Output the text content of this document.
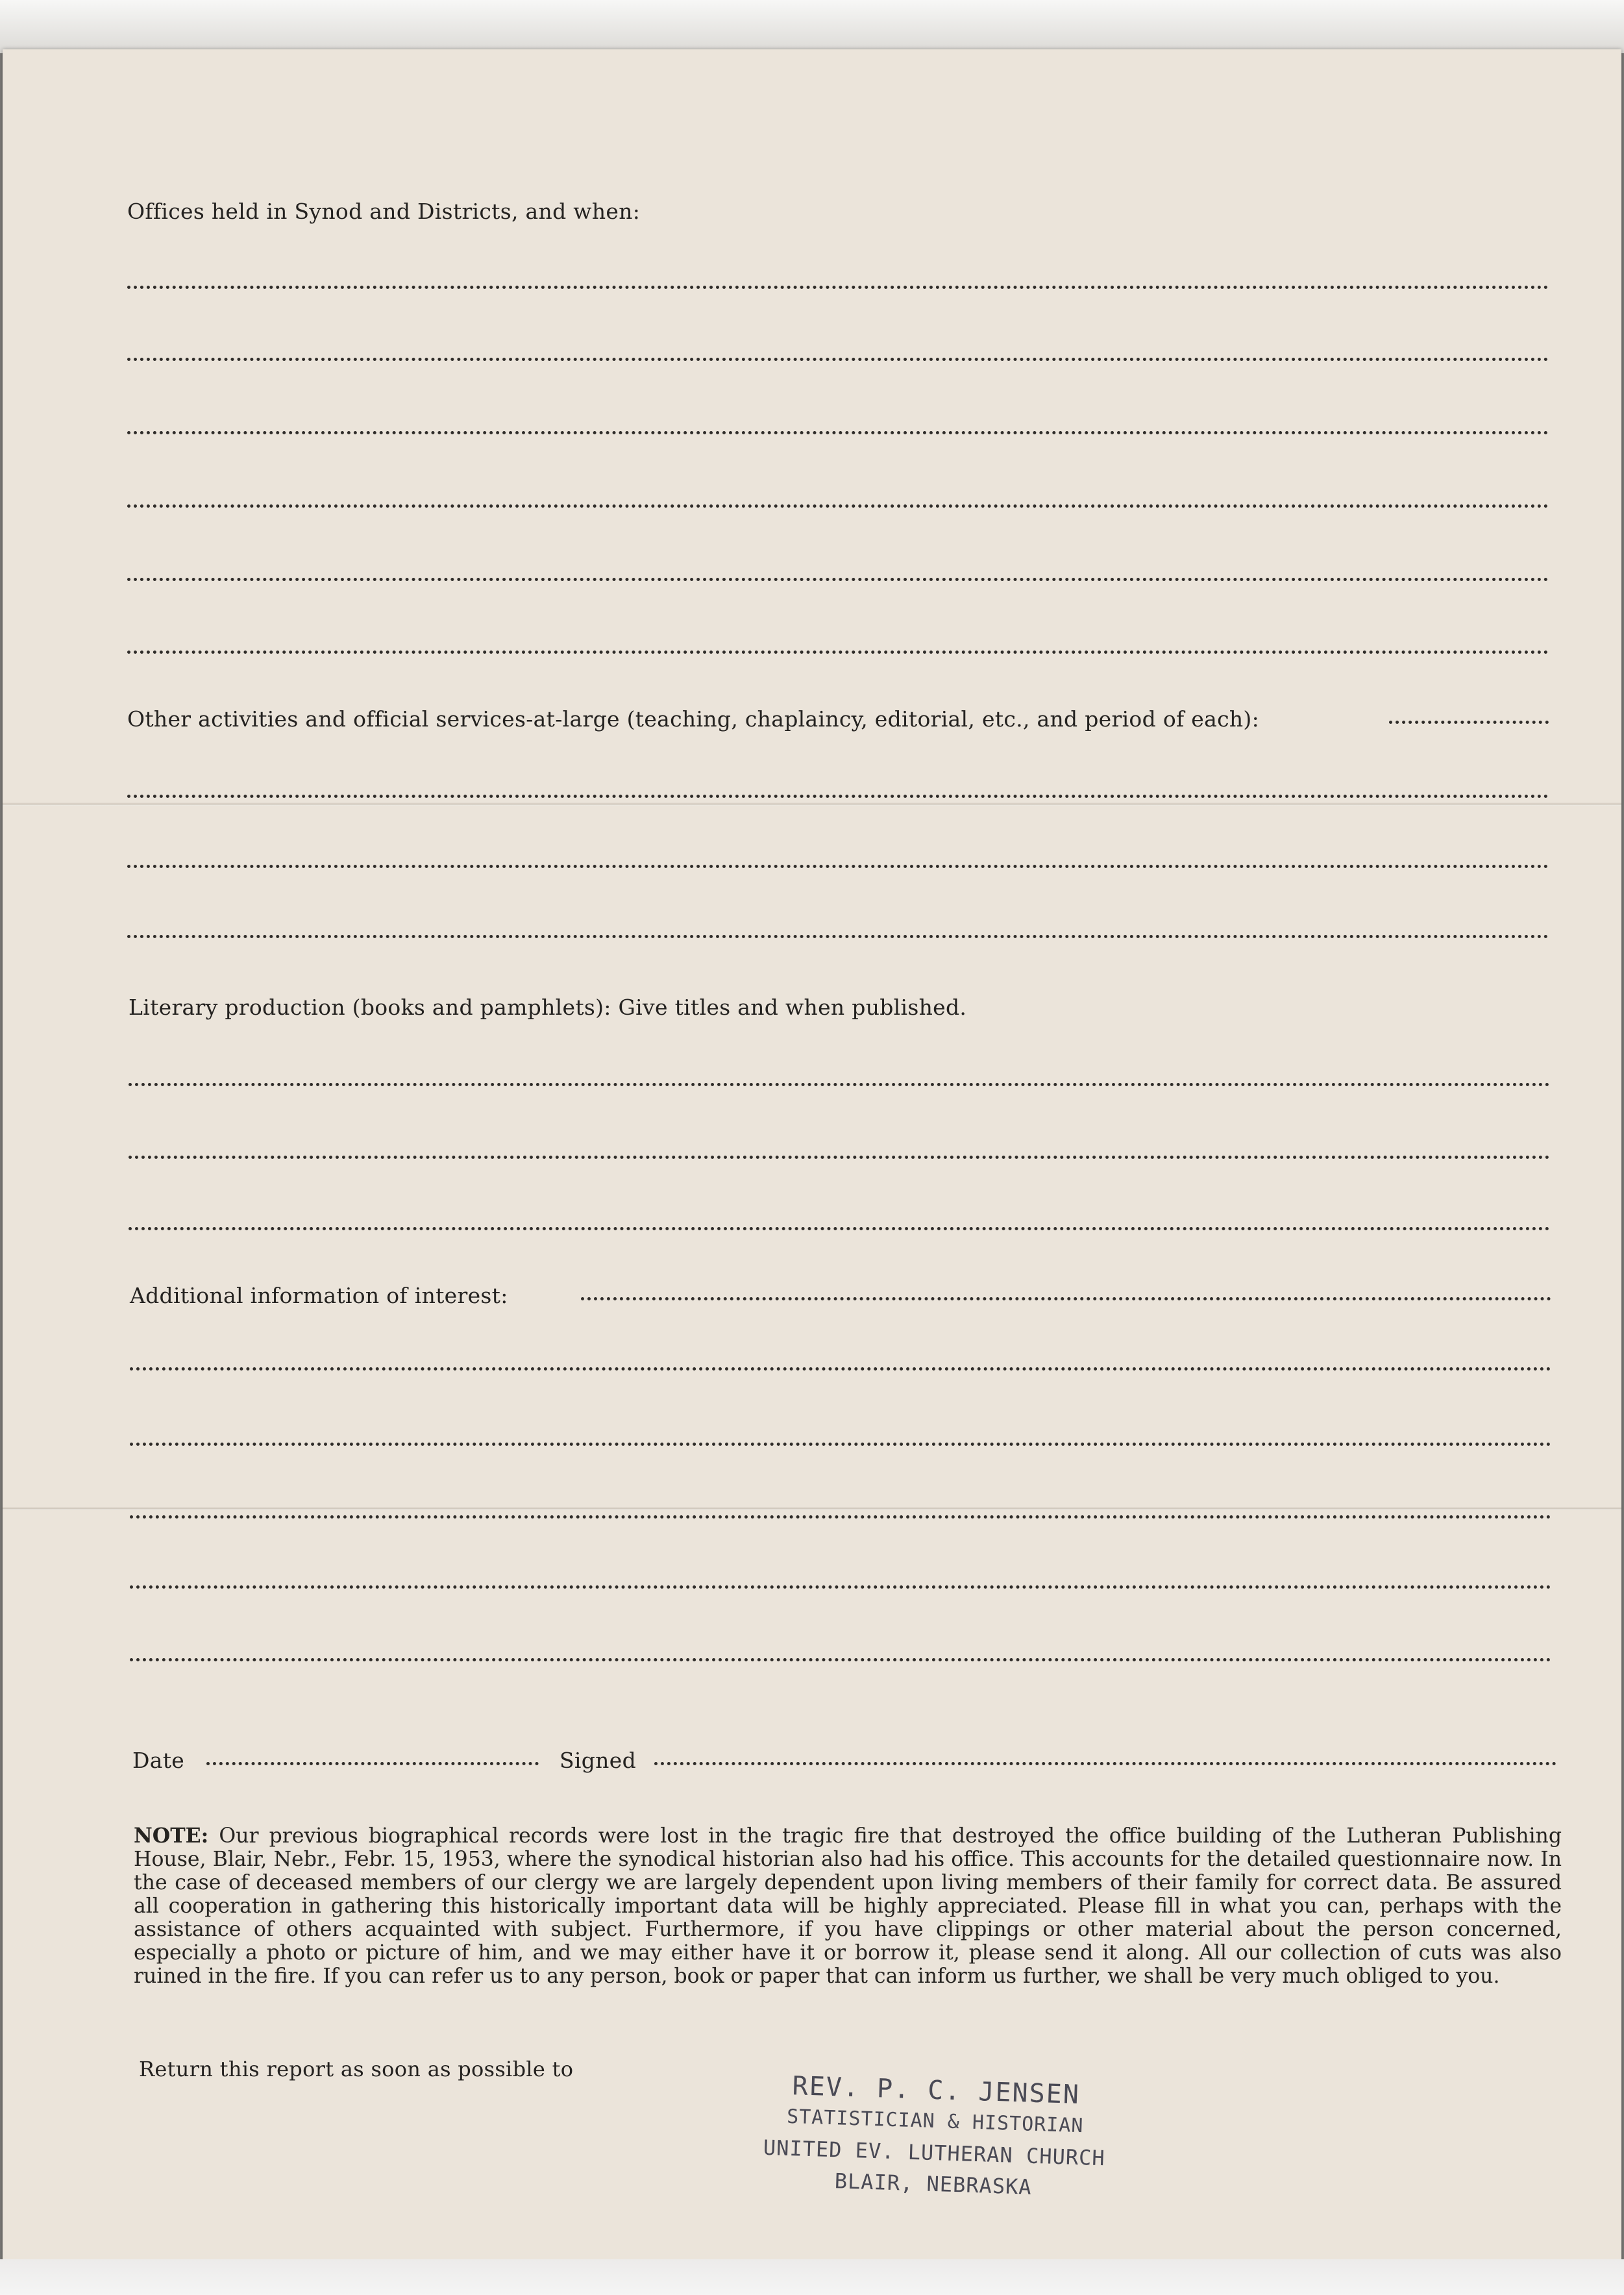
Offices held in Synod and Districts, and when:
Other activities and official services-at-large (teaching, chaplaincy, editorial, etc., and period of each):
Literary production (books and pamphlets): Give titles and when published.
Additional information of interest:
Date	Signed
NOTE: Our previous biographical records were lost in the tragic fire that destroyed the office building of the Lutheran Publishing House, Blair, Nebr., Febr. 15, 1953, where the synodical historian also had his office. This accounts for the detailed questionnaire now. In the case of deceased members of our clergy we are largely dependent upon living members of their family for correct data. Be assured all cooperation in gathering this historically important data will be highly appreciated. Please fill in what you can, perhaps with the assistance of others acquainted with subject. Furthermore, if you have clippings or other material about the person concerned, especially a photo or picture of him, and we may either have it or borrow it, please send it along. All our collection of cuts was also ruined in the fire. If you can refer us to any person, book or paper that can inform us further, we shall be very much obliged to you.
Return this report as soon as possible to
REV. P. C. JENSEN
STATISTICIAN & HISTORIAN
UNITED EV. LUTHERAN CHURCH
BLAIR, NEBRASKA
